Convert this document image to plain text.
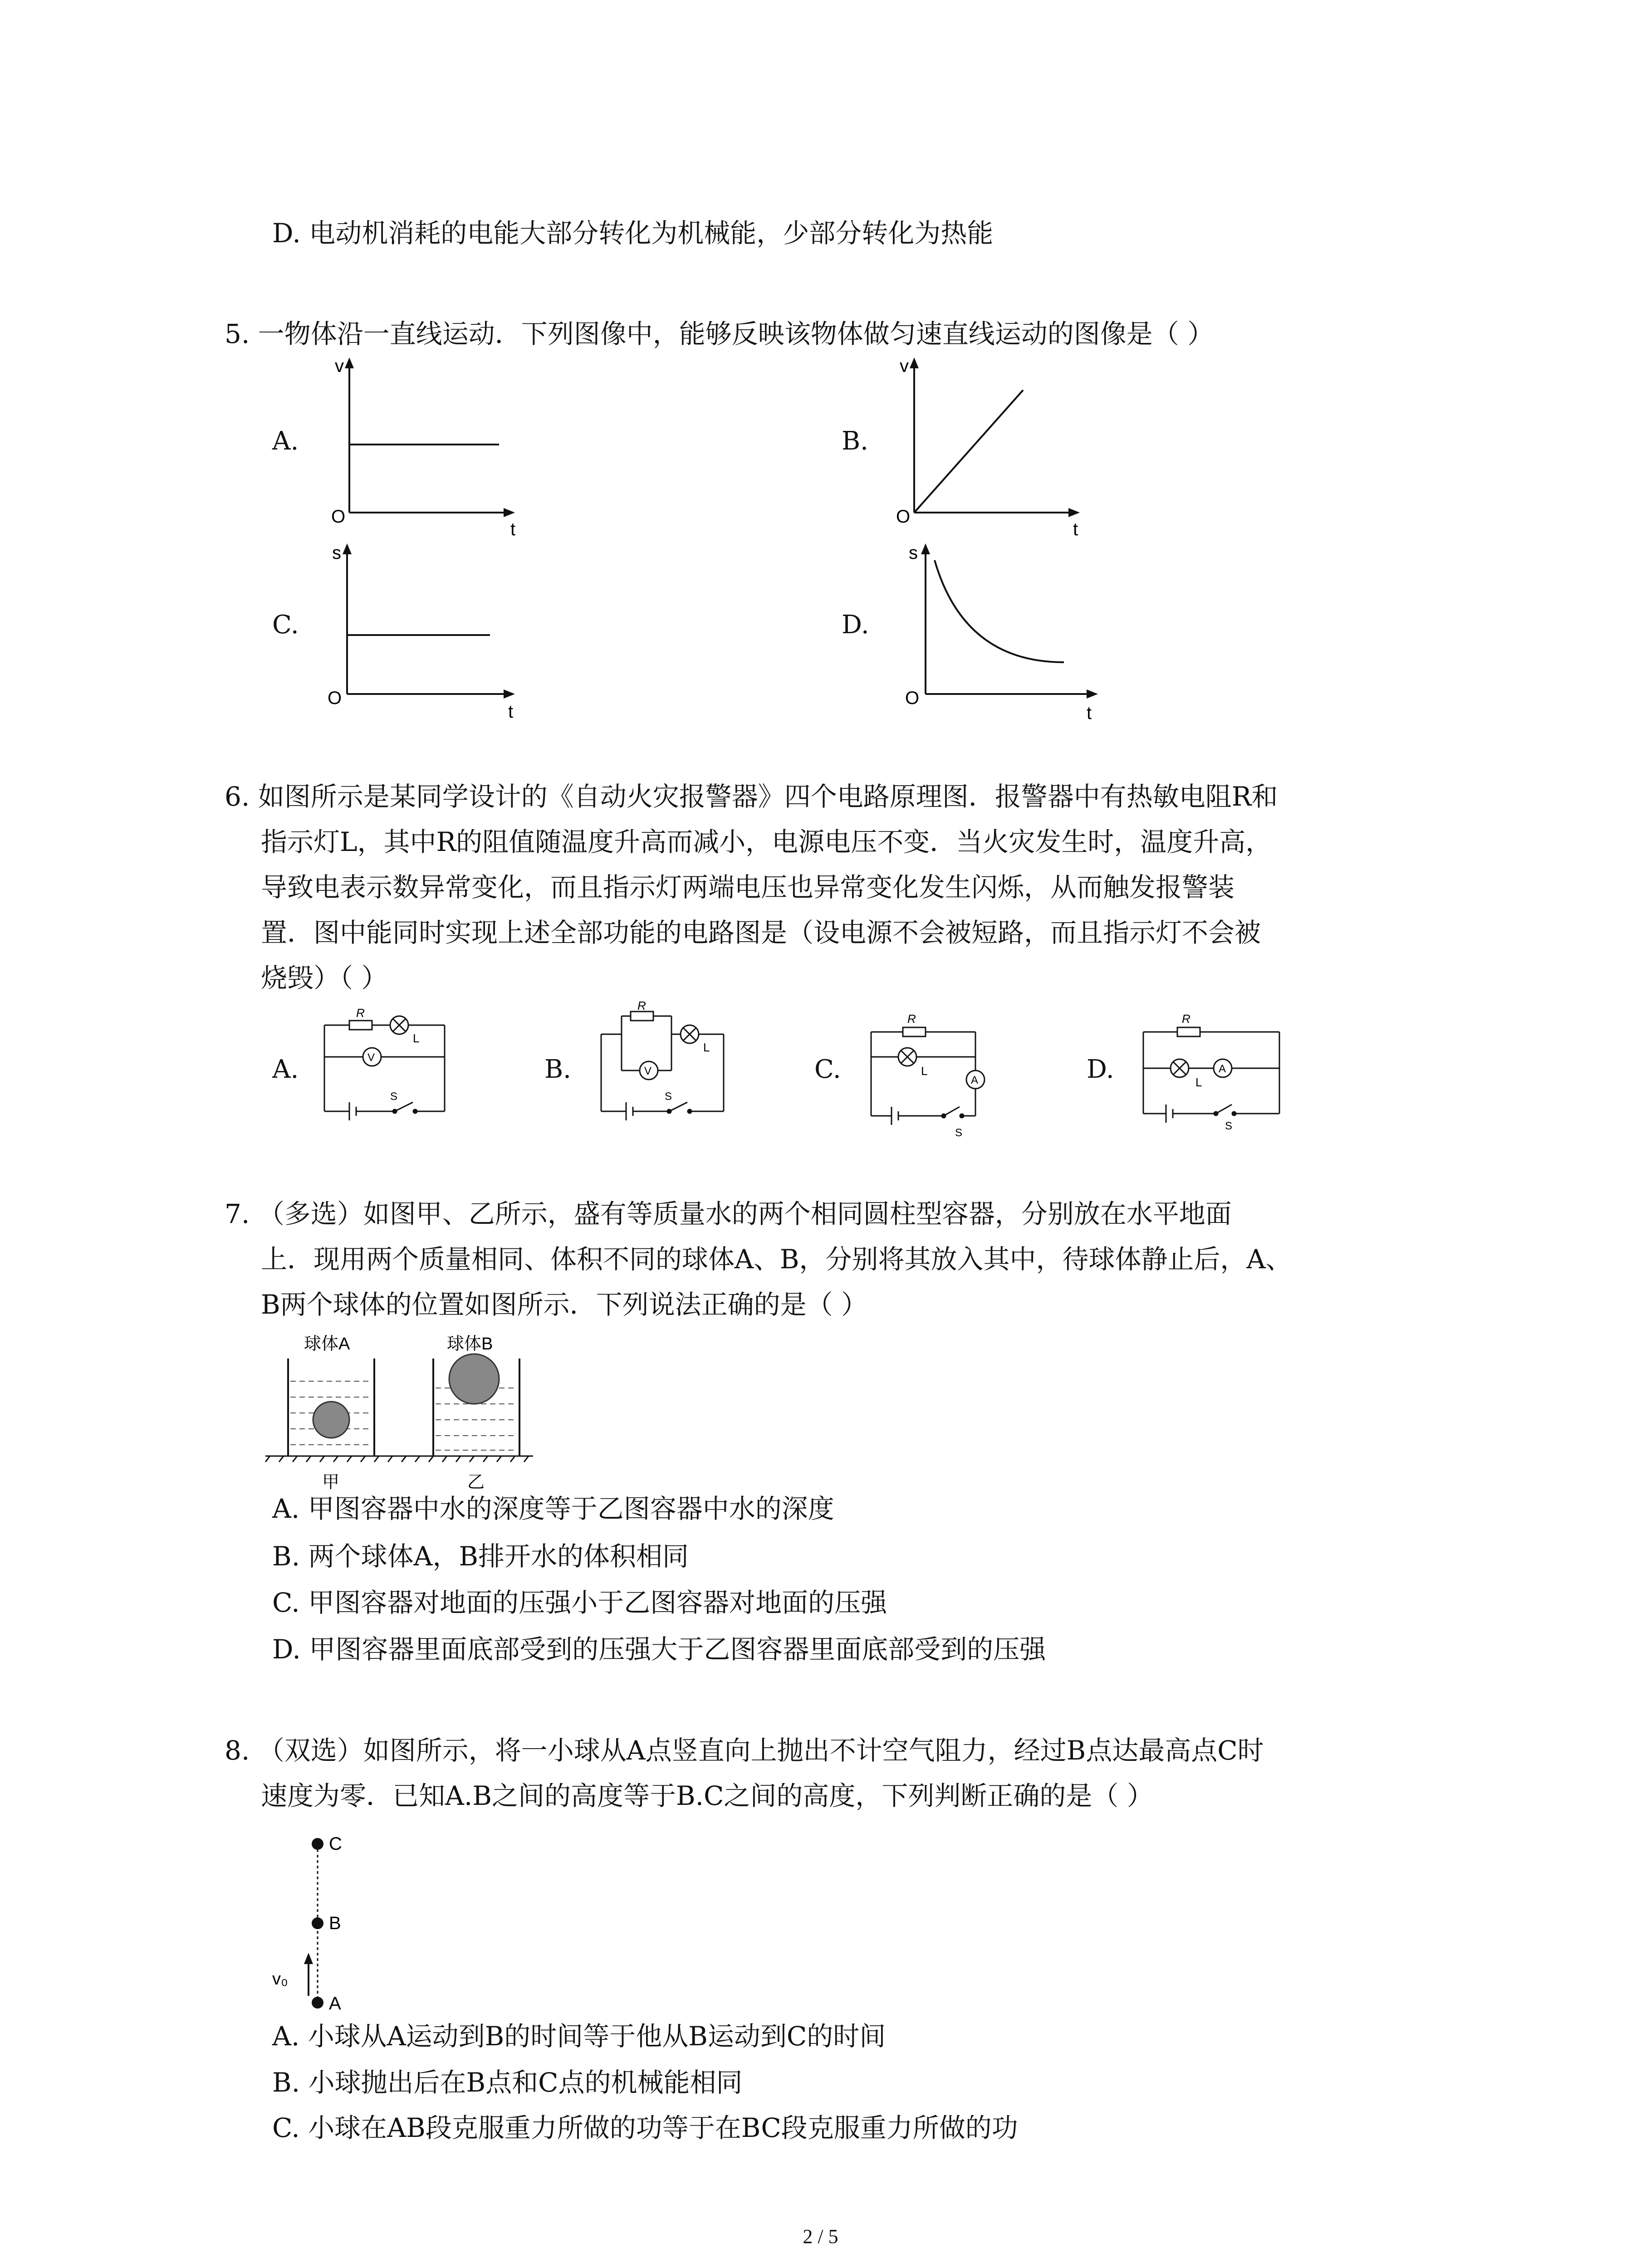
D. 电动机消耗的电能大部分转化为机械能，少部分转化为热能
5. 一物体沿一直线运动．下列图像中，能够反映该物体做匀速直线运动的图像是（ ）
A.
v
t
O
B.
v
t
O
C.
s
t
O
D.
s
t
O
6. 如图所示是某同学设计的《自动火灾报警器》四个电路原理图．报警器中有热敏电阻R和
指示灯L，其中R的阻值随温度升高而减小，电源电压不变．当火灾发生时，温度升高，
导致电表示数异常变化，而且指示灯两端电压也异常变化发生闪烁，从而触发报警装
置．图中能同时实现上述全部功能的电路图是（设电源不会被短路，而且指示灯不会被
烧毁）（ ）
A.
R
L
V
S
B.
R
L
V
S
C.
R
L
A
S
D.
R
L
A
S
7. （多选）如图甲、乙所示，盛有等质量水的两个相同圆柱型容器，分别放在水平地面
上．现用两个质量相同、体积不同的球体A、B，分别将其放入其中，待球体静止后，A、
B两个球体的位置如图所示．下列说法正确的是（ ）
球体A	球体B
甲	乙
A. 甲图容器中水的深度等于乙图容器中水的深度
B. 两个球体A，B排开水的体积相同
C. 甲图容器对地面的压强小于乙图容器对地面的压强
D. 甲图容器里面底部受到的压强大于乙图容器里面底部受到的压强
8. （双选）如图所示，将一小球从A点竖直向上抛出不计空气阻力，经过B点达最高点C时
速度为零．已知A.B之间的高度等于B.C之间的高度，下列判断正确的是（ ）
C
B
A
v₀
A. 小球从A运动到B的时间等于他从B运动到C的时间
B. 小球抛出后在B点和C点的机械能相同
C. 小球在AB段克服重力所做的功等于在BC段克服重力所做的功
2 / 5
